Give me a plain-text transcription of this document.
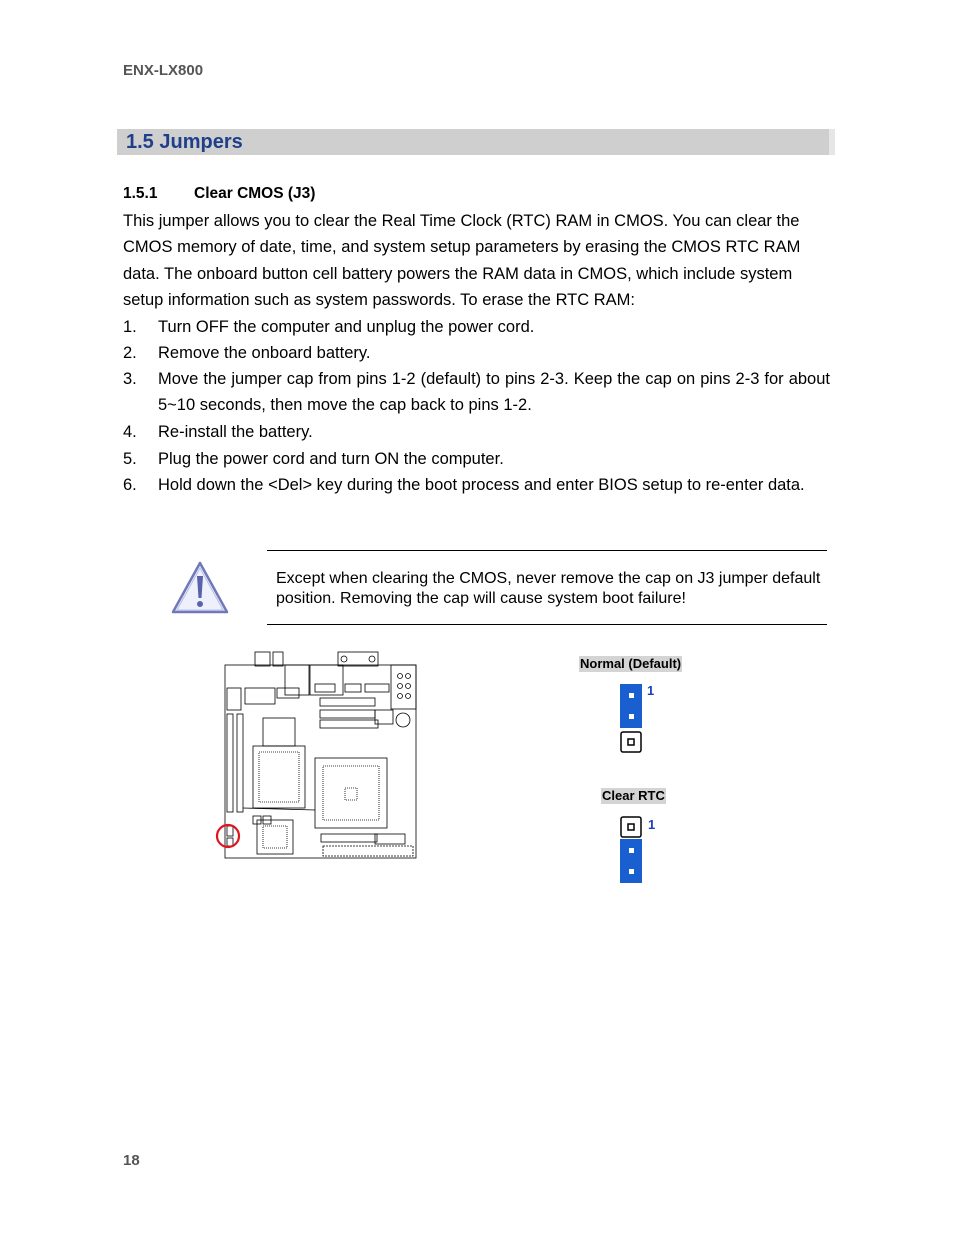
ENX-LX800
1.5 Jumpers
1.5.1 Clear CMOS (J3)
This jumper allows you to clear the Real Time Clock (RTC) RAM in CMOS. You can clear the CMOS memory of date, time, and system setup parameters by erasing the CMOS RTC RAM data. The onboard button cell battery powers the RAM data in CMOS, which include system setup information such as system passwords. To erase the RTC RAM:
1. Turn OFF the computer and unplug the power cord.
2. Remove the onboard battery.
3. Move the jumper cap from pins 1-2 (default) to pins 2-3. Keep the cap on pins 2-3 for about 5~10 seconds, then move the cap back to pins 1-2.
4. Re-install the battery.
5. Plug the power cord and turn ON the computer.
6. Hold down the <Del> key during the boot process and enter BIOS setup to re-enter data.
Except when clearing the CMOS, never remove the cap on J3 jumper default position. Removing the cap will cause system boot failure!
Normal (Default)
1
Clear RTC
1
18
